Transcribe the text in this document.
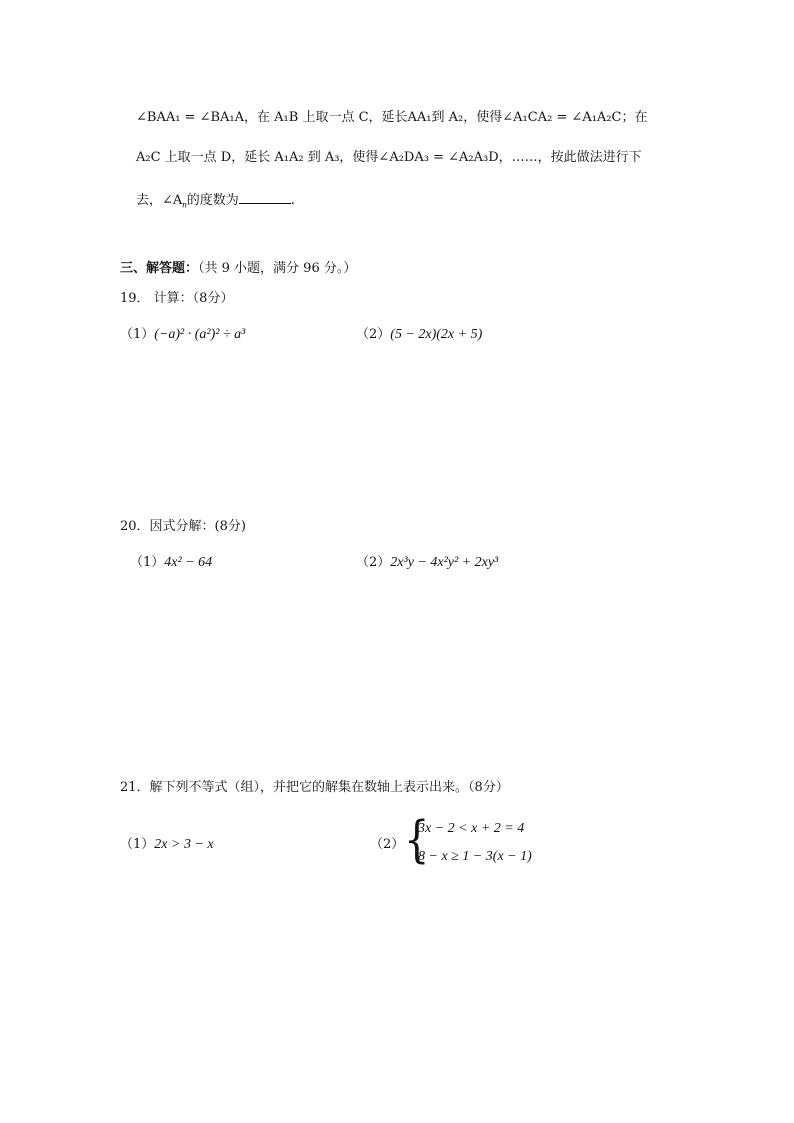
∠BAA₁ = ∠BA₁A，在 A₁B 上取一点 C，延长AA₁到 A₂，使得∠A₁CA₂ = ∠A₁A₂C；在
A₂C 上取一点 D，延长 A₁A₂ 到 A₃，使得∠A₂DA₃ = ∠A₂A₃D，……，按此做法进行下
去，$\angle A_n$的度数为	.
三、解答题：（共 9 小题，满分 96 分。）
19． 计算：（8分）
（1）(−a)² · (a²)² ÷ a³	（2）(5 − 2x)(2x + 5)
20．因式分解：(8分)
（1）4x² − 64	（2）2x³y − 4x²y² + 2xy³
21．解下列不等式（组），并把它的解集在数轴上表示出来。（8分）
（1）2x > 3 − x	（2） {
3x − 2 < x + 2 = 4
8 − x ≥ 1 − 3(x − 1)
